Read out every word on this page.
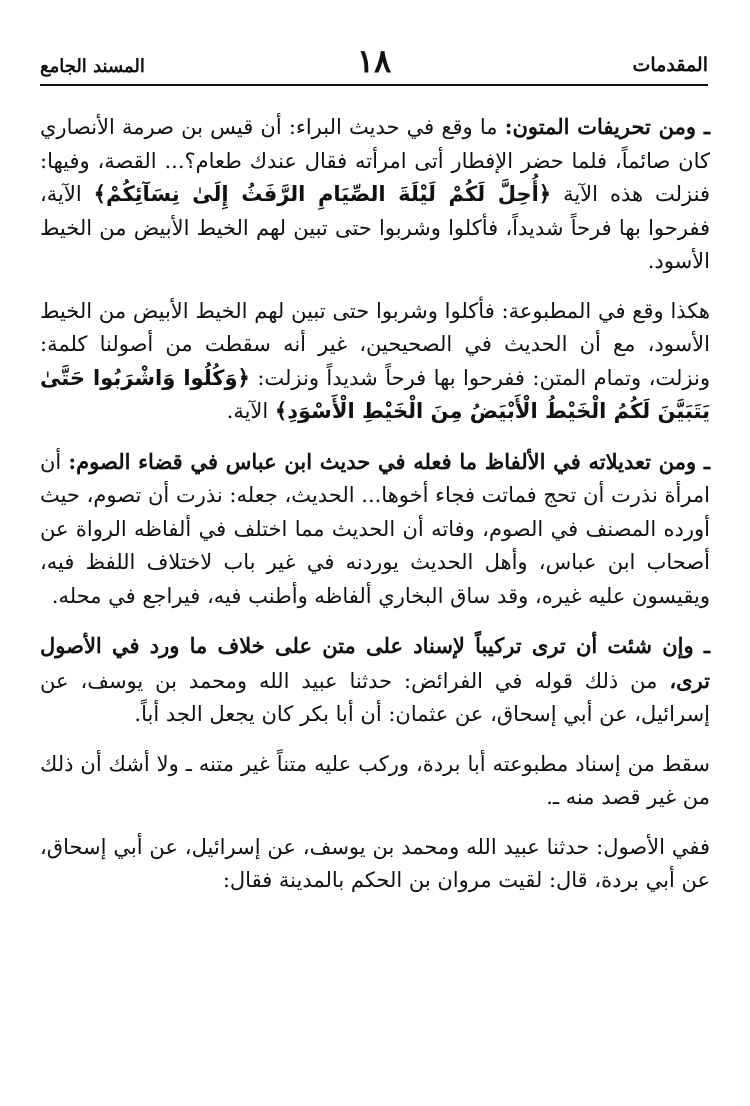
المقدمات
١٨
المسند الجامع

ـ ومن تحريفات المتون: ما وقع في حديث البراء: أن قيس بن صرمة الأنصاري كان صائماً، فلما حضر الإفطار أتى امرأته فقال عندك طعام؟... القصة، وفيها: فنزلت هذه الآية ﴿أُحِلَّ لَكُمْ لَيْلَةَ الصِّيَامِ الرَّفَثُ إِلَىٰ نِسَآئِكُمْ﴾ الآية، ففرحوا بها فرحاً شديداً، فأكلوا وشربوا حتى تبين لهم الخيط الأبيض من الخيط الأسود.

هكذا وقع في المطبوعة: فأكلوا وشربوا حتى تبين لهم الخيط الأبيض من الخيط الأسود، مع أن الحديث في الصحيحين، غير أنه سقطت من أصولنا كلمة: ونزلت، وتمام المتن: ففرحوا بها فرحاً شديداً ونزلت: ﴿وَكُلُوا وَاشْرَبُوا حَتَّىٰ يَتَبَيَّنَ لَكُمُ الْخَيْطُ الْأَبْيَضُ مِنَ الْخَيْطِ الْأَسْوَدِ﴾ الآية.

ـ ومن تعديلاته في الألفاظ ما فعله في حديث ابن عباس في قضاء الصوم: أن امرأة نذرت أن تحج فماتت فجاء أخوها... الحديث، جعله: نذرت أن تصوم، حيث أورده المصنف في الصوم، وفاته أن الحديث مما اختلف في ألفاظه الرواة عن أصحاب ابن عباس، وأهل الحديث يوردنه في غير باب لاختلاف اللفظ فيه، ويقيسون عليه غيره، وقد ساق البخاري ألفاظه وأطنب فيه، فيراجع في محله.

ـ وإن شئت أن ترى تركيباً لإسناد على متن على خلاف ما ورد في الأصول ترى، من ذلك قوله في الفرائض: حدثنا عبيد الله ومحمد بن يوسف، عن إسرائيل، عن أبي إسحاق، عن عثمان: أن أبا بكر كان يجعل الجد أباً.

سقط من إسناد مطبوعته أبا بردة، وركب عليه متناً غير متنه ـ ولا أشك أن ذلك من غير قصد منه ـ.

ففي الأصول: حدثنا عبيد الله ومحمد بن يوسف، عن إسرائيل، عن أبي إسحاق، عن أبي بردة، قال: لقيت مروان بن الحكم بالمدينة فقال:
